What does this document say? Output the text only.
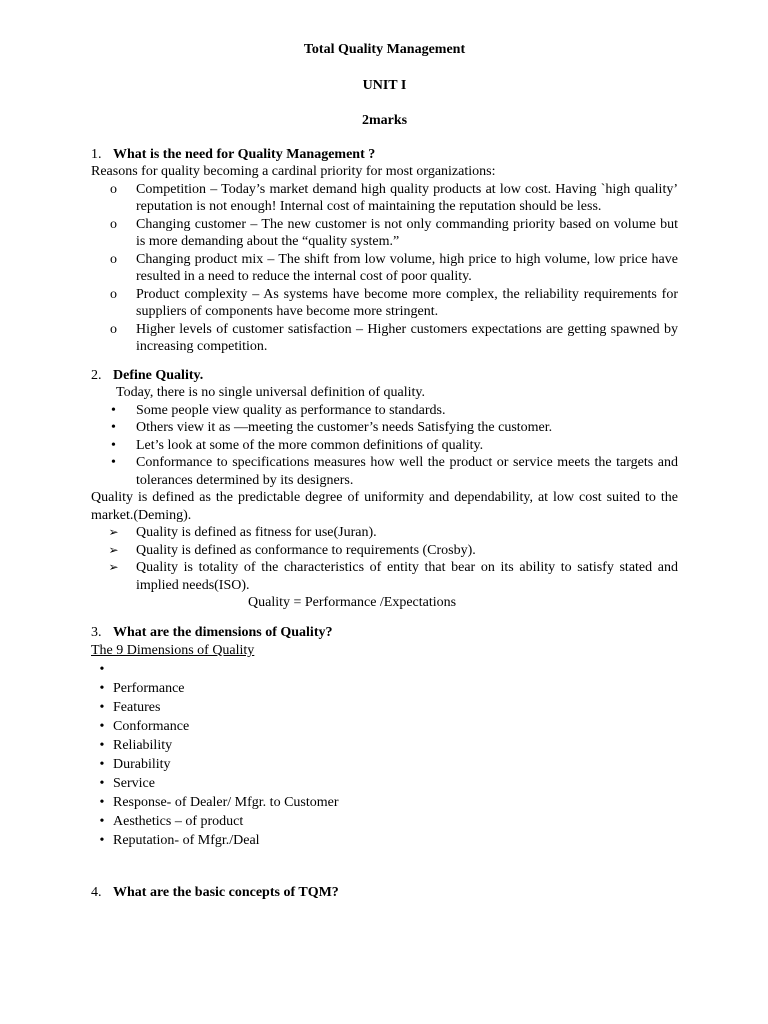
Total Quality Management
UNIT I
2marks
1. What is the need for Quality Management ?
Reasons for quality becoming a cardinal priority for most organizations:
o	Competition – Today’s market demand high quality products at low cost. Having `high quality’ reputation is not enough! Internal cost of maintaining the reputation should be less.
o	Changing customer – The new customer is not only commanding priority based on volume but is more demanding about the “quality system.”
o	Changing product mix – The shift from low volume, high price to high volume, low price have resulted in a need to reduce the internal cost of poor quality.
o	Product complexity – As systems have become more complex, the reliability requirements for suppliers of components have become more stringent.
o	Higher levels of customer satisfaction – Higher customers expectations are getting spawned by increasing competition.
2. Define Quality.
Today, there is no single universal definition of quality.
•	Some people view quality as performance to standards.
•	Others view it as —meeting the customer’s needs Satisfying the customer.
•	Let’s look at some of the more common definitions of quality.
•	Conformance to specifications measures how well the product or service meets the targets and tolerances determined by its designers.
Quality is defined as the predictable degree of uniformity and dependability, at low cost suited to the market.(Deming).
➢	Quality is defined as fitness for use(Juran).
➢	Quality is defined as conformance to requirements (Crosby).
➢	Quality is totality of the characteristics of entity that bear on its ability to satisfy stated and implied needs(ISO).
Quality = Performance /Expectations
3. What are the dimensions of Quality?
The 9 Dimensions of Quality
•
• Performance
• Features
• Conformance
• Reliability
• Durability
• Service
• Response- of Dealer/ Mfgr. to Customer
• Aesthetics – of product
• Reputation- of Mfgr./Deal
4. What are the basic concepts of TQM?
